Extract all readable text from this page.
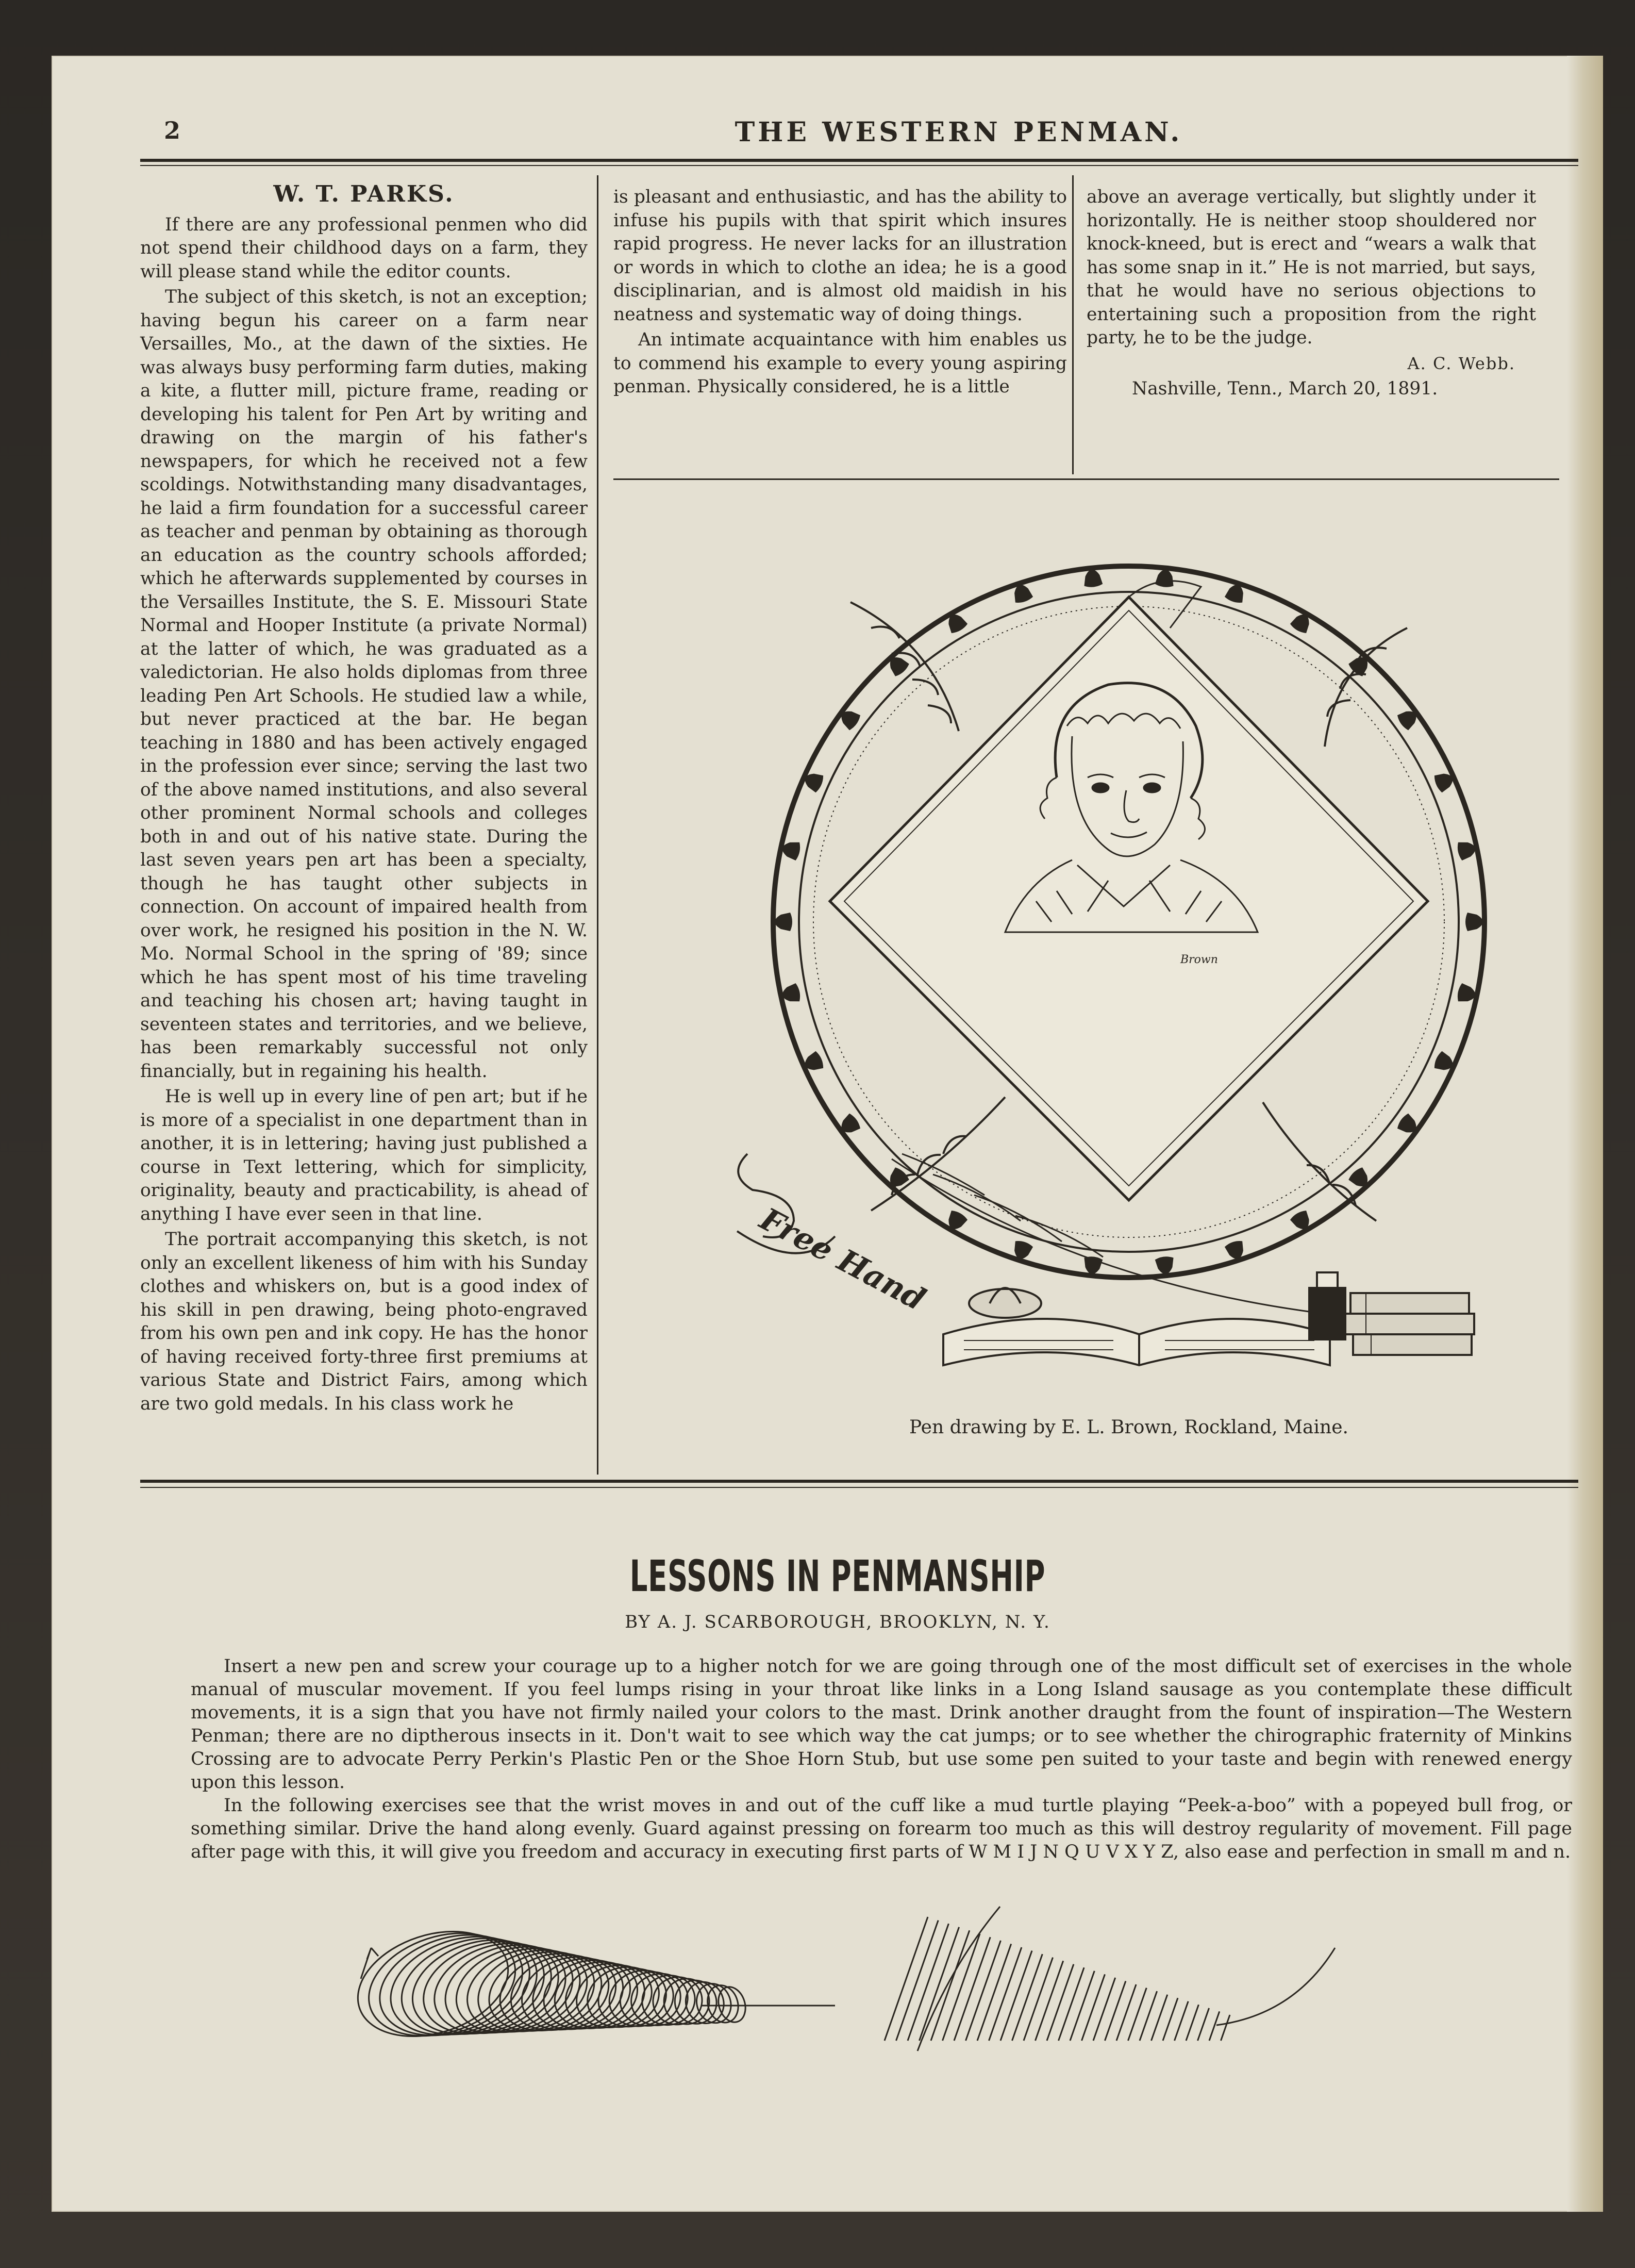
2	THE WESTERN PENMAN.

W. T. PARKS.

If there are any professional penmen who did not spend their childhood days on a farm, they will please stand while the editor counts.

The subject of this sketch, is not an exception; having begun his career on a farm near Versailles, Mo., at the dawn of the sixties. He was always busy performing farm duties, making a kite, a flutter mill, picture frame, reading or developing his talent for Pen Art by writing and drawing on the margin of his father's newspapers, for which he received not a few scoldings. Notwithstanding many disadvantages, he laid a firm foundation for a successful career as teacher and penman by obtaining as thorough an education as the country schools afforded; which he afterwards supplemented by courses in the Versailles Institute, the S. E. Missouri State Normal and Hooper Institute (a private Normal) at the latter of which, he was graduated as a valedictorian. He also holds diplomas from three leading Pen Art Schools. He studied law a while, but never practiced at the bar. He began teaching in 1880 and has been actively engaged in the profession ever since; serving the last two of the above named institutions, and also several other prominent Normal schools and colleges both in and out of his native state. During the last seven years pen art has been a specialty, though he has taught other subjects in connection. On account of impaired health from over work, he resigned his position in the N. W. Mo. Normal School in the spring of '89; since which he has spent most of his time traveling and teaching his chosen art; having taught in seventeen states and territories, and we believe, has been remarkably successful not only financially, but in regaining his health.

He is well up in every line of pen art; but if he is more of a specialist in one department than in another, it is in lettering; having just published a course in Text lettering, which for simplicity, originality, beauty and practicability, is ahead of anything I have ever seen in that line.

The portrait accompanying this sketch, is not only an excellent likeness of him with his Sunday clothes and whiskers on, but is a good index of his skill in pen drawing, being photo-engraved from his own pen and ink copy. He has the honor of having received forty-three first premiums at various State and District Fairs, among which are two gold medals. In his class work he

is pleasant and enthusiastic, and has the ability to infuse his pupils with that spirit which insures rapid progress. He never lacks for an illustration or words in which to clothe an idea; he is a good disciplinarian, and is almost old maidish in his neatness and systematic way of doing things.

An intimate acquaintance with him enables us to commend his example to every young aspiring penman. Physically considered, he is a little

above an average vertically, but slightly under it horizontally. He is neither stoop shouldered nor knock-kneed, but is erect and “wears a walk that has some snap in it.” He is not married, but says, that he would have no serious objections to entertaining such a proposition from the right party, he to be the judge.

A. C. Webb.

Nashville, Tenn., March 20, 1891.

Brown
Free Hand
Pen drawing by E. L. Brown, Rockland, Maine.
LESSONS IN PENMANSHIP
BY A. J. SCARBOROUGH, BROOKLYN, N. Y.

Insert a new pen and screw your courage up to a higher notch for we are going through one of the most difficult set of exercises in the whole manual of muscular movement. If you feel lumps rising in your throat like links in a Long Island sausage as you contemplate these difficult movements, it is a sign that you have not firmly nailed your colors to the mast. Drink another draught from the fount of inspiration—The Western Penman; there are no diptherous insects in it. Don't wait to see which way the cat jumps; or to see whether the chirographic fraternity of Minkins Crossing are to advocate Perry Perkin's Plastic Pen or the Shoe Horn Stub, but use some pen suited to your taste and begin with renewed energy upon this lesson.

In the following exercises see that the wrist moves in and out of the cuff like a mud turtle playing “Peek-a-boo” with a popeyed bull frog, or something similar. Drive the hand along evenly. Guard against pressing on forearm too much as this will destroy regularity of movement. Fill page after page with this, it will give you freedom and accuracy in executing first parts of W M I J N Q U V X Y Z, also ease and perfection in small m and n.
